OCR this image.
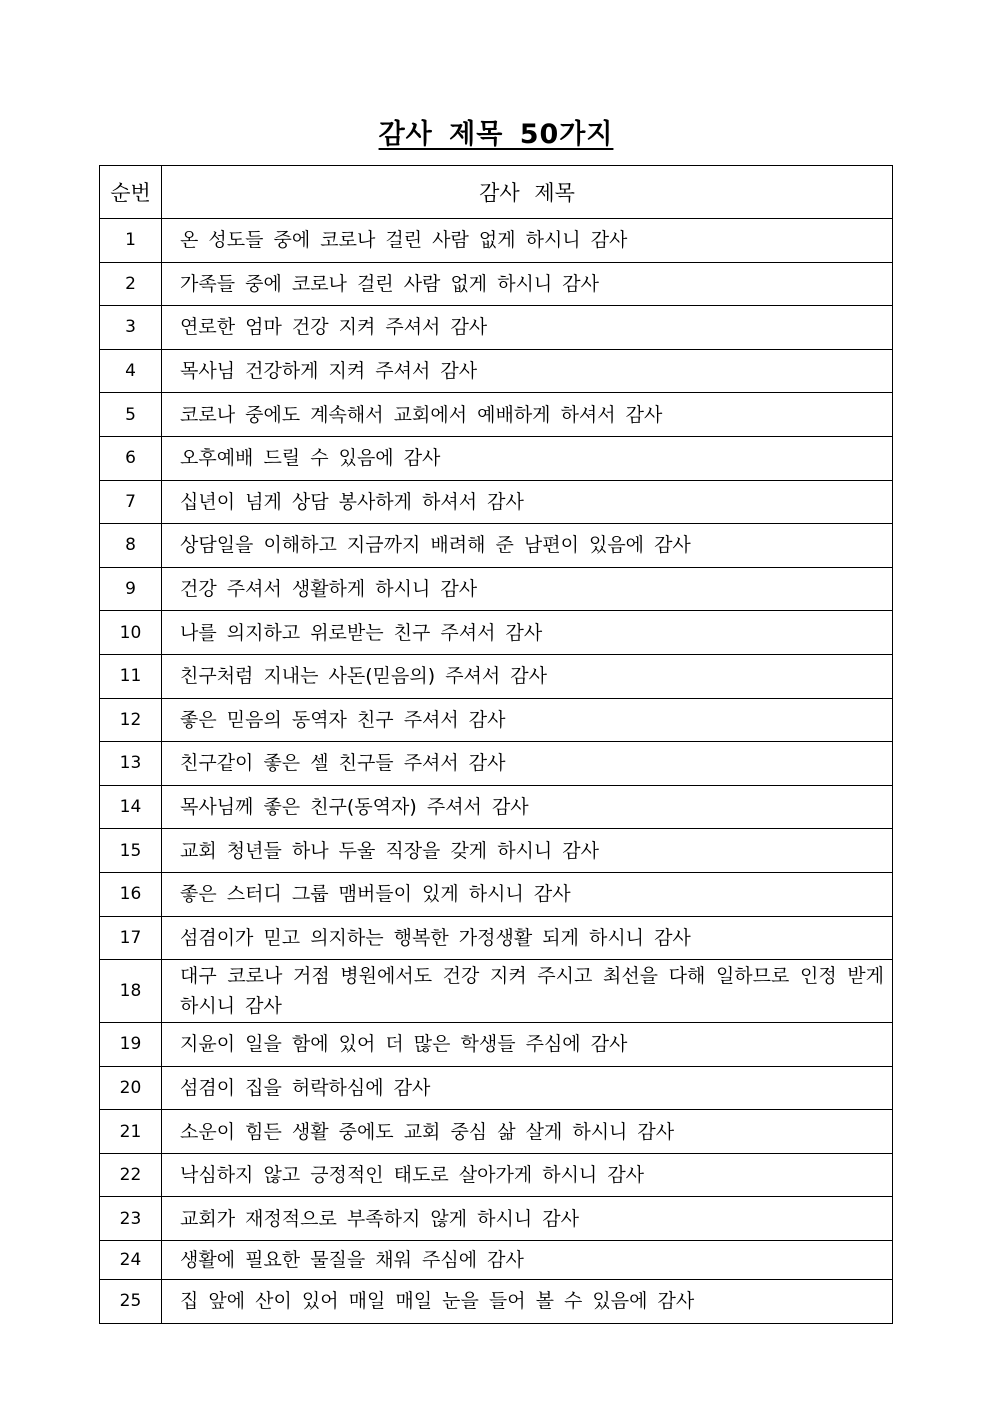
감사 제목 50가지
순번	감사 제목
1	온 성도들 중에 코로나 걸린 사람 없게 하시니 감사
2	가족들 중에 코로나 걸린 사람 없게 하시니 감사
3	연로한 엄마 건강 지켜 주셔서 감사
4	목사님 건강하게 지켜 주셔서 감사
5	코로나 중에도 계속해서 교회에서 예배하게 하셔서 감사
6	오후예배 드릴 수 있음에 감사
7	십년이 넘게 상담 봉사하게 하셔서 감사
8	상담일을 이해하고 지금까지 배려해 준 남편이 있음에 감사
9	건강 주셔서 생활하게 하시니 감사
10	나를 의지하고 위로받는 친구 주셔서 감사
11	친구처럼 지내는 사돈(믿음의) 주셔서 감사
12	좋은 믿음의 동역자 친구 주셔서 감사
13	친구같이 좋은 셀 친구들 주셔서 감사
14	목사님께 좋은 친구(동역자) 주셔서 감사
15	교회 청년들 하나 두울 직장을 갖게 하시니 감사
16	좋은 스터디 그룹 맴버들이 있게 하시니 감사
17	섬겸이가 믿고 의지하는 행복한 가정생활 되게 하시니 감사
18	대구 코로나 거점 병원에서도 건강 지켜 주시고 최선을 다해 일하므로 인정 받게 하시니 감사
19	지윤이 일을 함에 있어 더 많은 학생들 주심에 감사
20	섬겸이 집을 허락하심에 감사
21	소운이 힘든 생활 중에도 교회 중심 삶 살게 하시니 감사
22	낙심하지 않고 긍정적인 태도로 살아가게 하시니 감사
23	교회가 재정적으로 부족하지 않게 하시니 감사
24	생활에 필요한 물질을 채워 주심에 감사
25	집 앞에 산이 있어 매일 매일 눈을 들어 볼 수 있음에 감사
